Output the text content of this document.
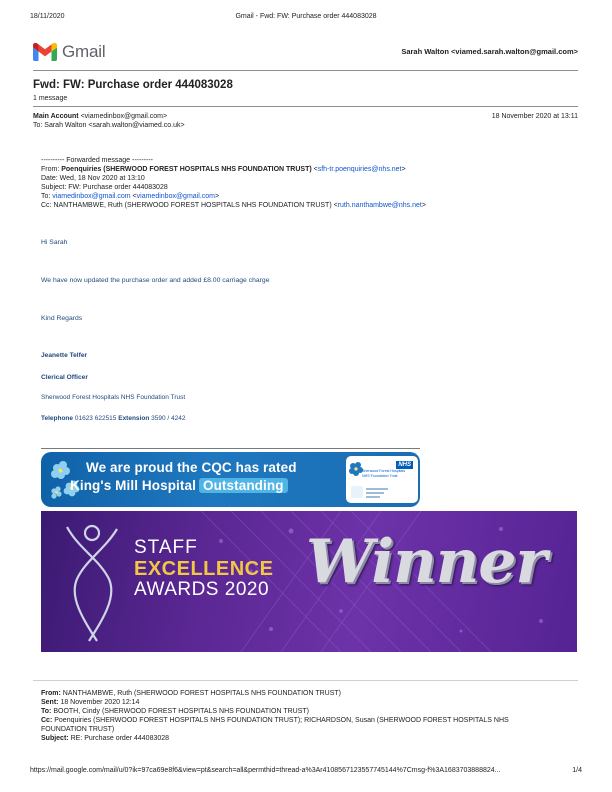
18/11/2020	Gmail - Fwd: FW: Purchase order 444083028
Gmail	Sarah Walton <viamed.sarah.walton@gmail.com>
Fwd: FW: Purchase order 444083028
1 message
Main Account <viamedinbox@gmail.com>	18 November 2020 at 13:11
To: Sarah Walton <sarah.walton@viamed.co.uk>
---------- Forwarded message ---------
From: Poenquiries (SHERWOOD FOREST HOSPITALS NHS FOUNDATION TRUST) <sfh-tr.poenquiries@nhs.net>
Date: Wed, 18 Nov 2020 at 13:10
Subject: FW: Purchase order 444083028
To: viamedinbox@gmail.com <viamedinbox@gmail.com>
Cc: NANTHAMBWE, Ruth (SHERWOOD FOREST HOSPITALS NHS FOUNDATION TRUST) <ruth.nanthambwe@nhs.net>
Hi Sarah
We have now updated the purchase order and added £8.00 carriage charge
Kind Regards
Jeanette Telfer
Clerical Officer
Sherwood Forest Hospitals NHS Foundation Trust
Telephone 01623 622515 Extension 3590 / 4242
We are proud the CQC has rated
King's Mill Hospital Outstanding
NHS
Sherwood Forest Hospitals
NHS Foundation Trust
STAFF
EXCELLENCE
AWARDS 2020 Winner
From: NANTHAMBWE, Ruth (SHERWOOD FOREST HOSPITALS NHS FOUNDATION TRUST)
Sent: 18 November 2020 12:14
To: BOOTH, Cindy (SHERWOOD FOREST HOSPITALS NHS FOUNDATION TRUST)
Cc: Poenquiries (SHERWOOD FOREST HOSPITALS NHS FOUNDATION TRUST); RICHARDSON, Susan (SHERWOOD FOREST HOSPITALS NHS
FOUNDATION TRUST)
Subject: RE: Purchase order 444083028
https://mail.google.com/mail/u/0?ik=97ca69e8f6&view=pt&search=all&permthid=thread-a%3Ar4108567123557745144%7Cmsg-f%3A1683703888824...	1/4
